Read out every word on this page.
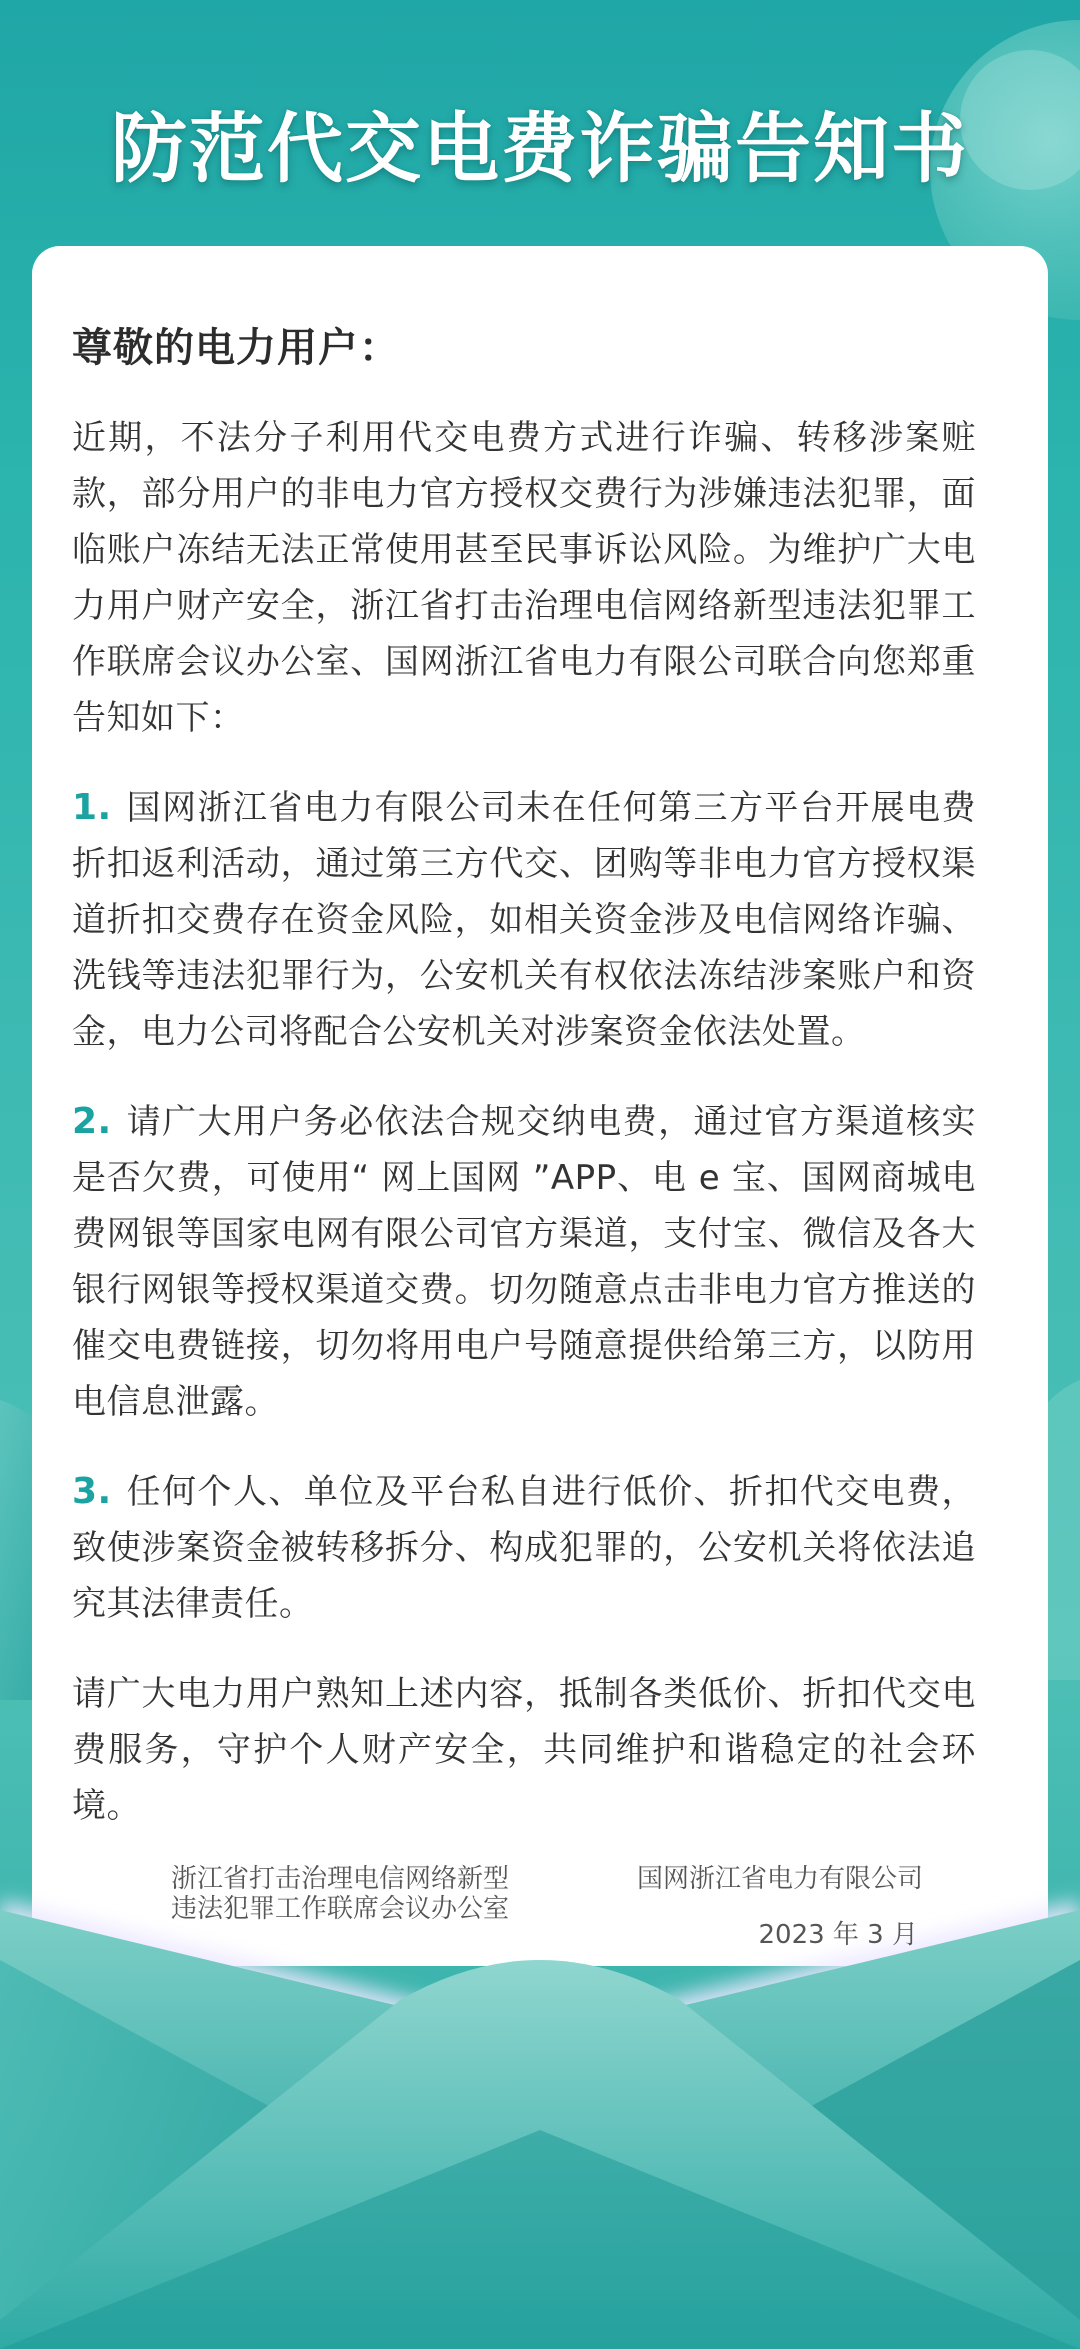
防范代交电费诈骗告知书

尊敬的电力用户：

近期，不法分子利用代交电费方式进行诈骗、转移涉案赃款，部分用户的非电力官方授权交费行为涉嫌违法犯罪，面临账户冻结无法正常使用甚至民事诉讼风险。为维护广大电力用户财产安全，浙江省打击治理电信网络新型违法犯罪工作联席会议办公室、国网浙江省电力有限公司联合向您郑重告知如下：

1. 国网浙江省电力有限公司未在任何第三方平台开展电费折扣返利活动，通过第三方代交、团购等非电力官方授权渠道折扣交费存在资金风险，如相关资金涉及电信网络诈骗、洗钱等违法犯罪行为，公安机关有权依法冻结涉案账户和资金，电力公司将配合公安机关对涉案资金依法处置。

2. 请广大用户务必依法合规交纳电费，通过官方渠道核实是否欠费，可使用“ 网上国网 ”APP、电 e 宝、国网商城电费网银等国家电网有限公司官方渠道，支付宝、微信及各大银行网银等授权渠道交费。切勿随意点击非电力官方推送的催交电费链接，切勿将用电户号随意提供给第三方，以防用电信息泄露。

3. 任何个人、单位及平台私自进行低价、折扣代交电费，致使涉案资金被转移拆分、构成犯罪的，公安机关将依法追究其法律责任。

请广大电力用户熟知上述内容，抵制各类低价、折扣代交电费服务，守护个人财产安全，共同维护和谐稳定的社会环境。

浙江省打击治理电信网络新型
违法犯罪工作联席会议办公室
国网浙江省电力有限公司
2023 年 3 月
